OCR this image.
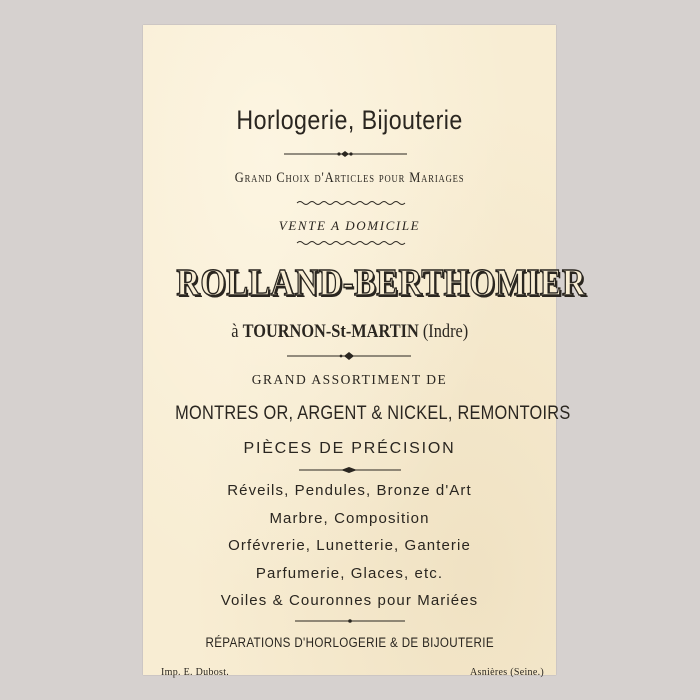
Horlogerie, Bijouterie
Grand Choix d'Articles pour Mariages
VENTE A DOMICILE
ROLLAND-BERTHOMIER
à TOURNON-St-MARTIN (Indre)
GRAND ASSORTIMENT DE
MONTRES OR, ARGENT & NICKEL, REMONTOIRS
PIÈCES DE PRÉCISION
Réveils, Pendules, Bronze d'Art
Marbre, Composition
Orfévrerie, Lunetterie, Ganterie
Parfumerie, Glaces, etc.
Voiles & Couronnes pour Mariées
RÉPARATIONS D'HORLOGERIE & DE BIJOUTERIE
Imp. E. Dubost.	Asnières (Seine.)
